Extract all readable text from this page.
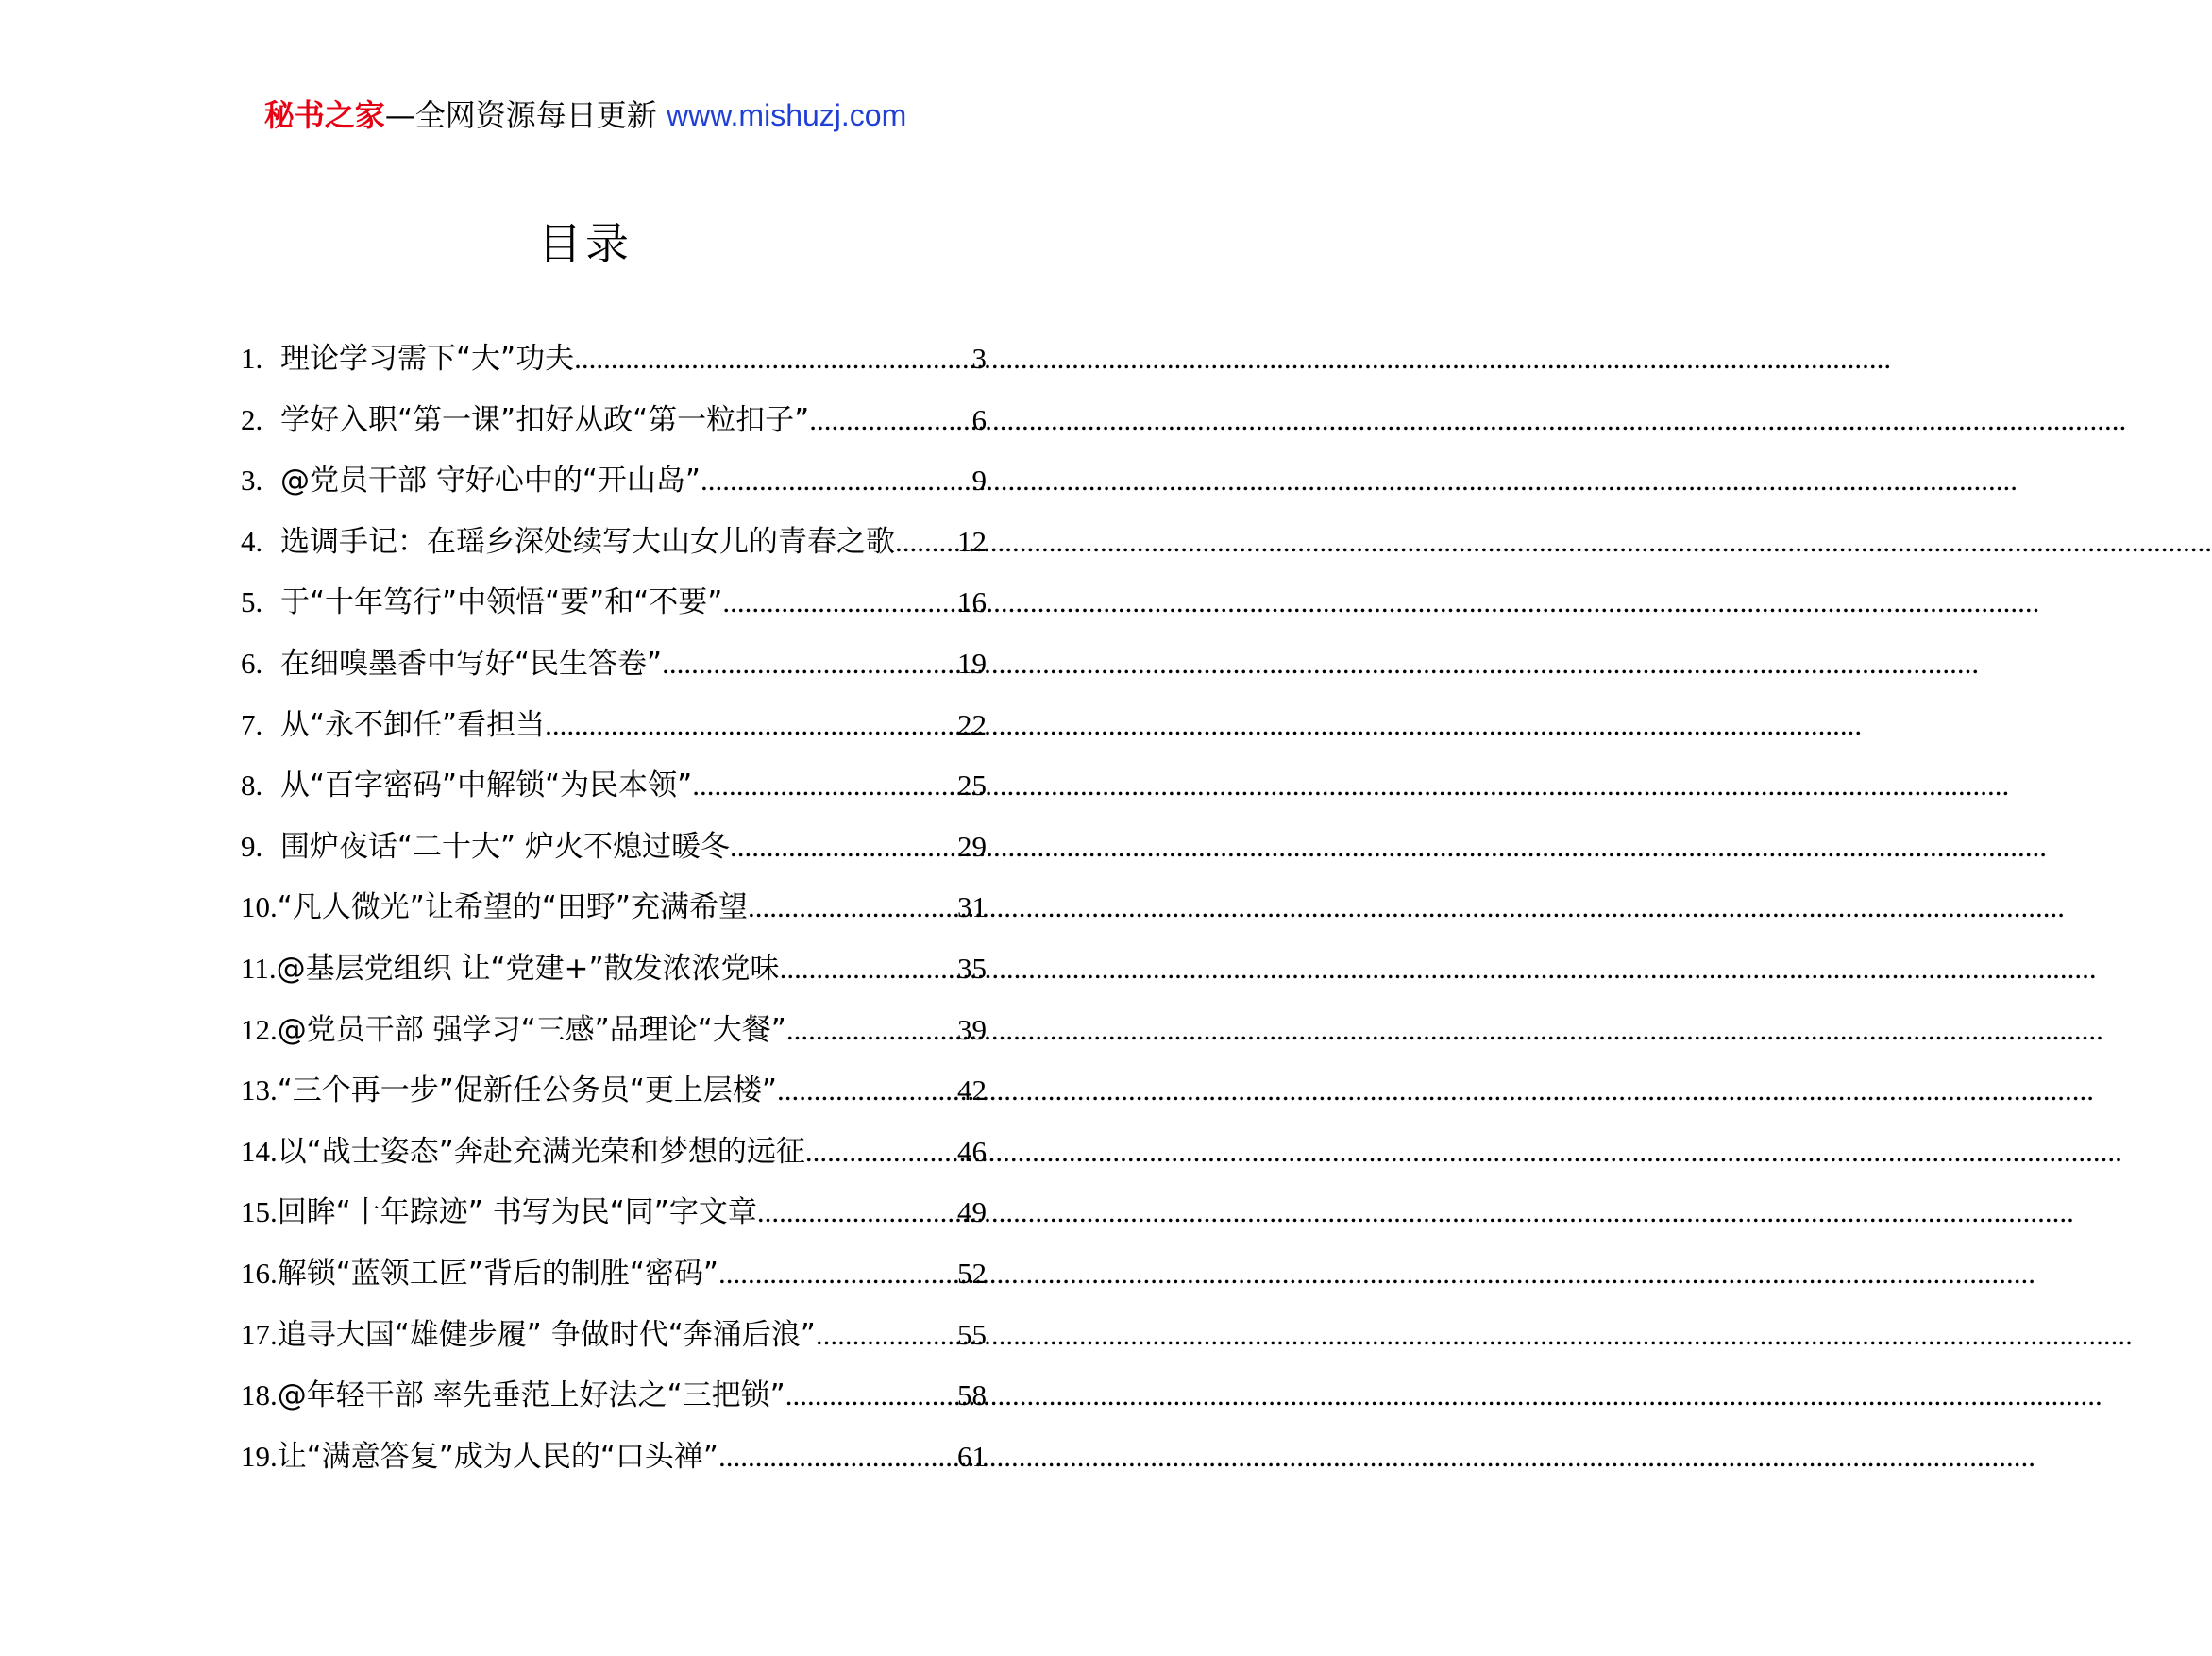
秘书之家—全网资源每日更新 www.mishuzj.com
目录
1. 理论学习需下“大”功夫 .....	3
2. 学好入职“第一课”扣好从政“第一粒扣子” .....	6
3. @党员干部 守好心中的“开山岛” .....	9
4. 选调手记：在瑶乡深处续写大山女儿的青春之歌 ..... 12
5. 于“十年笃行”中领悟“要”和“不要” .....	16
6. 在细嗅墨香中写好“民生答卷” .....	19
7. 从“永不卸任”看担当 .....	22
8. 从“百字密码”中解锁“为民本领” .....	25
9. 围炉夜话“二十大” 炉火不熄过暖冬 .....	29
10. “凡人微光”让希望的“田野”充满希望 .....	31
11. @基层党组织 让“党建+”散发浓浓党味 .....	35
12. @党员干部 强学习“三感”品理论“大餐” .....	39
13. “三个再一步”促新任公务员“更上层楼” .....	42
14. 以“战士姿态”奔赴充满光荣和梦想的远征 .....	46
15. 回眸“十年踪迹” 书写为民“同”字文章 .....	49
16. 解锁“蓝领工匠”背后的制胜“密码” .....	52
17. 追寻大国“雄健步履” 争做时代“奔涌后浪” .....	55
18. @年轻干部 率先垂范上好法之“三把锁” .....	58
19. 让“满意答复”成为人民的“口头禅” .....	61
